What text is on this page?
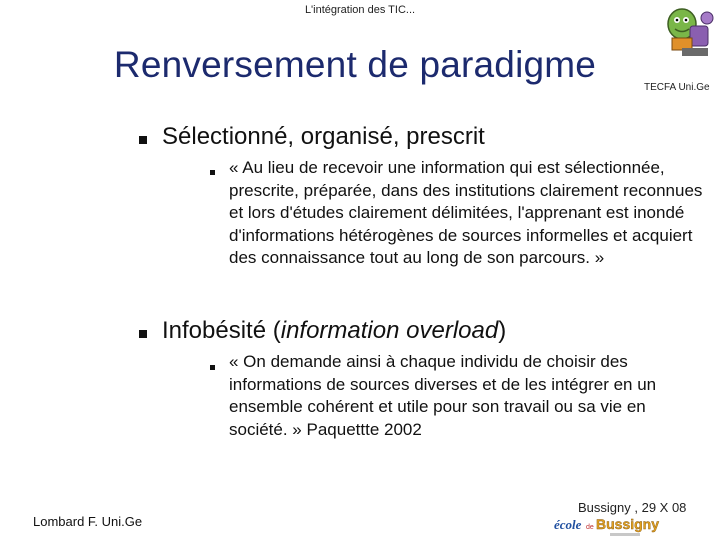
L'intégration des TIC...
Renversement de paradigme
TECFA Uni.Ge
Sélectionné, organisé, prescrit
« Au lieu de recevoir une information qui est sélectionnée, prescrite, préparée, dans des institutions clairement reconnues et lors d'études clairement délimitées, l'apprenant est inondé d'informations hétérogènes de sources informelles et acquiert des connaissance tout au long de son parcours. »
Infobésité (information overload)
« On demande ainsi à chaque individu de choisir des informations de sources diverses et de les intégrer en un ensemble cohérent et utile pour son travail ou sa vie en société. » Paquettte 2002
Lombard F. Uni.Ge
Bussigny , 29 X 08
école de Bussigny
